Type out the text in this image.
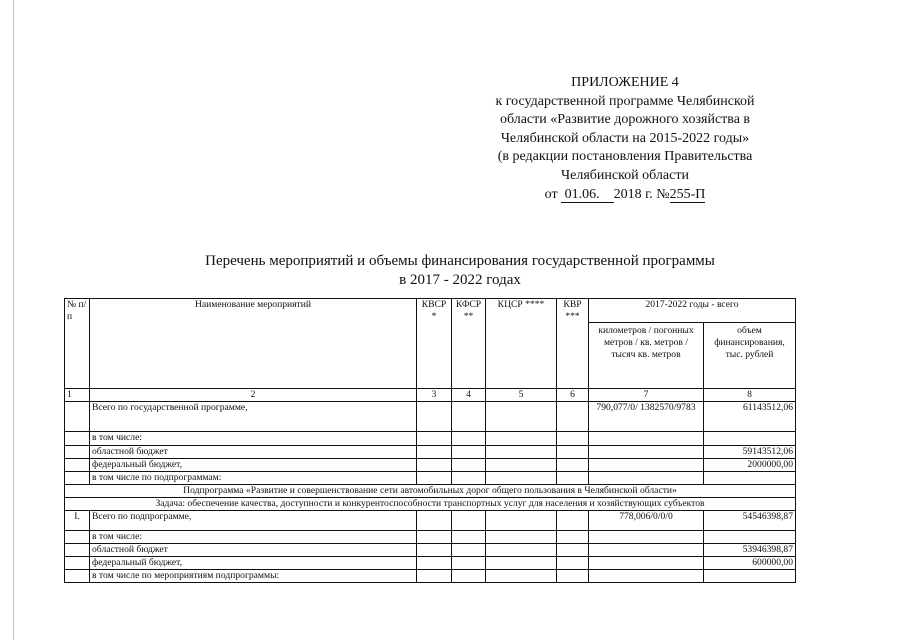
ПРИЛОЖЕНИЕ 4
к государственной программе Челябинской
области «Развитие дорожного хозяйства в
Челябинской области на 2015-2022 годы»
(в редакции постановления Правительства
Челябинской области
от 01.06. 2018 г. №255-П
Перечень мероприятий и объемы финансирования государственной программы
в 2017 - 2022 годах
№ п/п	Наименование мероприятий	КВСР *	КФСР **	КЦСР ****	КВР ***	2017-2022 годы - всего	
						километров / погонных метров / кв. метров / тысяч кв. метров	объем финансирования, тыс. рублей
1	2	3	4	5	6	7	8
	Всего по государственной программе,					790,077/0/ 1382570/9783	61143512,06
	в том числе:						
	областной бюджет						59143512,06
	федеральный бюджет,						2000000,00
	в том числе по подпрограммам:						
Подпрограмма «Развитие и совершенствование сети автомобильных дорог общего пользования в Челябинской области»							
Задача: обеспечение качества, доступности и конкурентоспособности транспортных услуг для населения и хозяйствующих субъектов							
I.	Всего по подпрограмме,					778,006/0/0/0	54546398,87
	в том числе:						
	областной бюджет						53946398,87
	федеральный бюджет,						600000,00
	в том числе по мероприятиям подпрограммы:						
